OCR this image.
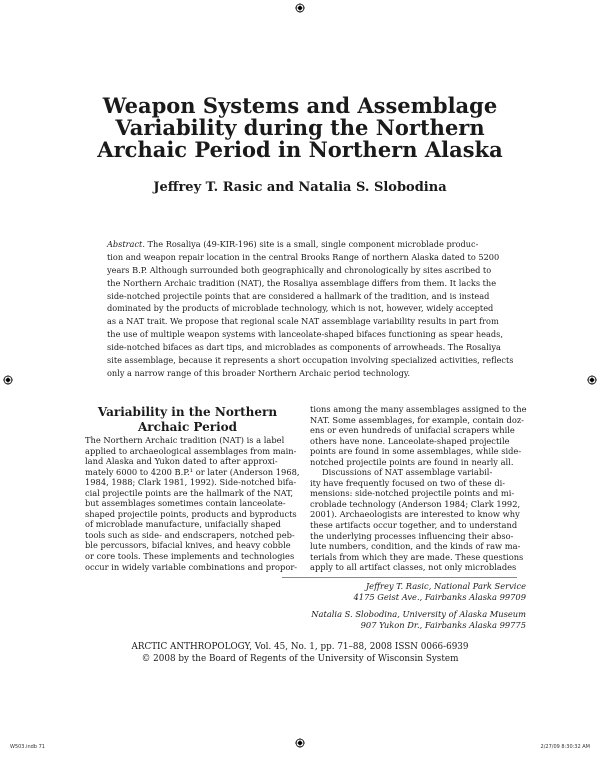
Weapon Systems and Assemblage
Variability during the Northern
Archaic Period in Northern Alaska
Jeffrey T. Rasic and Natalia S. Slobodina
Abstract. The Rosaliya (49-KIR-196) site is a small, single component microblade produc-
tion and weapon repair location in the central Brooks Range of northern Alaska dated to 5200
years B.P. Although surrounded both geographically and chronologically by sites ascribed to
the Northern Archaic tradition (NAT), the Rosaliya assemblage differs from them. It lacks the
side-notched projectile points that are considered a hallmark of the tradition, and is instead
dominated by the products of microblade technology, which is not, however, widely accepted
as a NAT trait. We propose that regional scale NAT assemblage variability results in part from
the use of multiple weapon systems with lanceolate-shaped bifaces functioning as spear heads,
side-notched bifaces as dart tips, and microblades as components of arrowheads. The Rosaliya
site assemblage, because it represents a short occupation involving specialized activities, reflects
only a narrow range of this broader Northern Archaic period technology.
Variability in the Northern
Archaic Period
The Northern Archaic tradition (NAT) is a label
applied to archaeological assemblages from main-
land Alaska and Yukon dated to after approxi-
mately 6000 to 4200 B.P.¹ or later (Anderson 1968,
1984, 1988; Clark 1981, 1992). Side-notched bifa-
cial projectile points are the hallmark of the NAT,
but assemblages sometimes contain lanceolate-
shaped projectile points, products and byproducts
of microblade manufacture, unifacially shaped
tools such as side- and endscrapers, notched peb-
ble percussors, bifacial knives, and heavy cobble
or core tools. These implements and technologies
occur in widely variable combinations and propor-
tions among the many assemblages assigned to the
NAT. Some assemblages, for example, contain doz-
ens or even hundreds of unifacial scrapers while
others have none. Lanceolate-shaped projectile
points are found in some assemblages, while side-
notched projectile points are found in nearly all.
Discussions of NAT assemblage variabil-
ity have frequently focused on two of these di-
mensions: side-notched projectile points and mi-
croblade technology (Anderson 1984; Clark 1992,
2001). Archaeologists are interested to know why
these artifacts occur together, and to understand
the underlying processes influencing their abso-
lute numbers, condition, and the kinds of raw ma-
terials from which they are made. These questions
apply to all artifact classes, not only microblades
Jeffrey T. Rasic, National Park Service
4175 Geist Ave., Fairbanks Alaska 99709
Natalia S. Slobodina, University of Alaska Museum
907 Yukon Dr., Fairbanks Alaska 99775
ARCTIC ANTHROPOLOGY, Vol. 45, No. 1, pp. 71–88, 2008 ISSN 0066-6939
© 2008 by the Board of Regents of the University of Wisconsin System
W503.indb 71	2/27/09 8:30:32 AM
